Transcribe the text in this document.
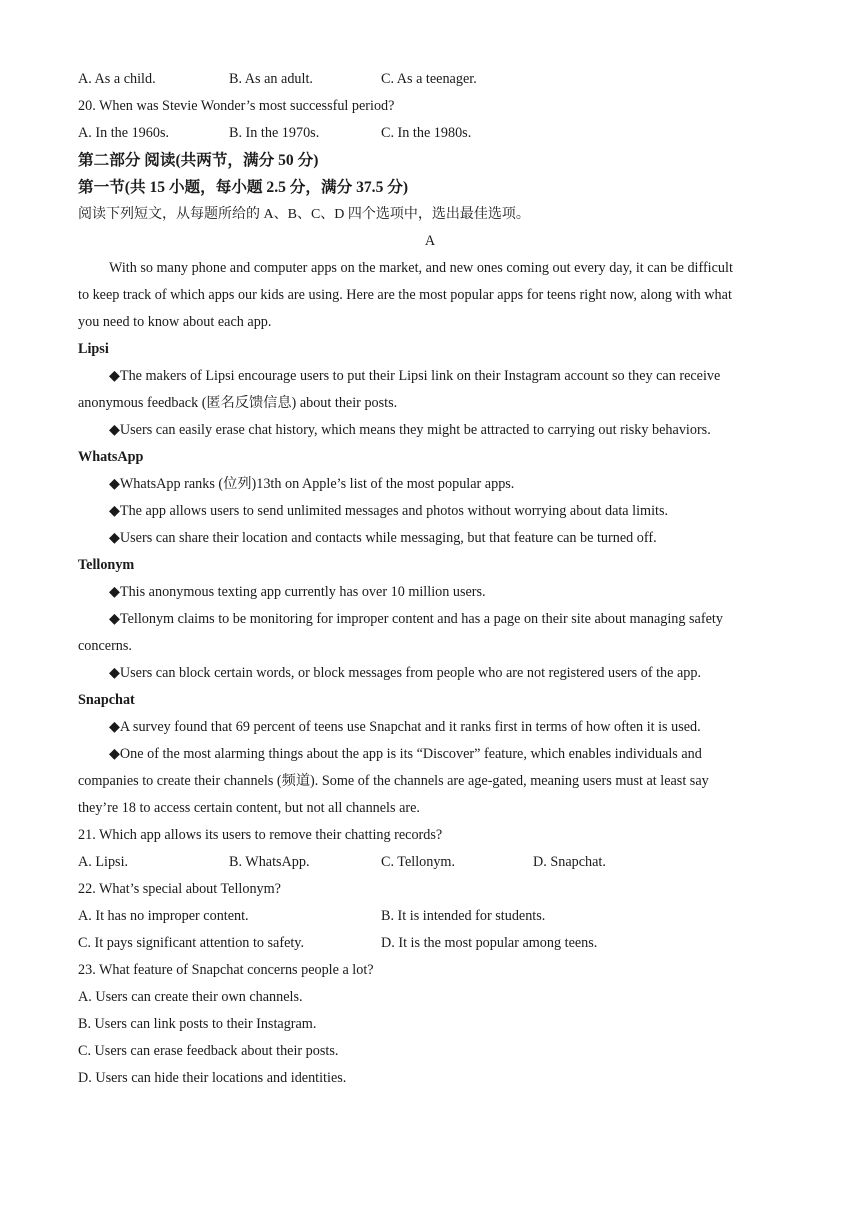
A. As a child.	B. As an adult.	C. As a teenager.
20. When was Stevie Wonder’s most successful period?
A. In the 1960s.	B. In the 1970s.	C. In the 1980s.
第二部分 阅读(共两节，满分 50 分)
第一节(共 15 小题，每小题 2.5 分，满分 37.5 分)
阅读下列短文，从每题所给的 A、B、C、D 四个选项中，选出最佳选项。
A
With so many phone and computer apps on the market, and new ones coming out every day, it can be difficult
to keep track of which apps our kids are using. Here are the most popular apps for teens right now, along with what
you need to know about each app.
Lipsi
◆The makers of Lipsi encourage users to put their Lipsi link on their Instagram account so they can receive
anonymous feedback (匿名反馈信息) about their posts.
◆Users can easily erase chat history, which means they might be attracted to carrying out risky behaviors.
WhatsApp
◆WhatsApp ranks (位列)13th on Apple’s list of the most popular apps.
◆The app allows users to send unlimited messages and photos without worrying about data limits.
◆Users can share their location and contacts while messaging, but that feature can be turned off.
Tellonym
◆This anonymous texting app currently has over 10 million users.
◆Tellonym claims to be monitoring for improper content and has a page on their site about managing safety
concerns.
◆Users can block certain words, or block messages from people who are not registered users of the app.
Snapchat
◆A survey found that 69 percent of teens use Snapchat and it ranks first in terms of how often it is used.
◆One of the most alarming things about the app is its “Discover” feature, which enables individuals and
companies to create their channels (频道). Some of the channels are age-gated, meaning users must at least say
they’re 18 to access certain content, but not all channels are.
21. Which app allows its users to remove their chatting records?
A. Lipsi.	B. WhatsApp.	C. Tellonym.	D. Snapchat.
22. What’s special about Tellonym?
A. It has no improper content.	B. It is intended for students.
C. It pays significant attention to safety.	D. It is the most popular among teens.
23. What feature of Snapchat concerns people a lot?
A. Users can create their own channels.
B. Users can link posts to their Instagram.
C. Users can erase feedback about their posts.
D. Users can hide their locations and identities.
